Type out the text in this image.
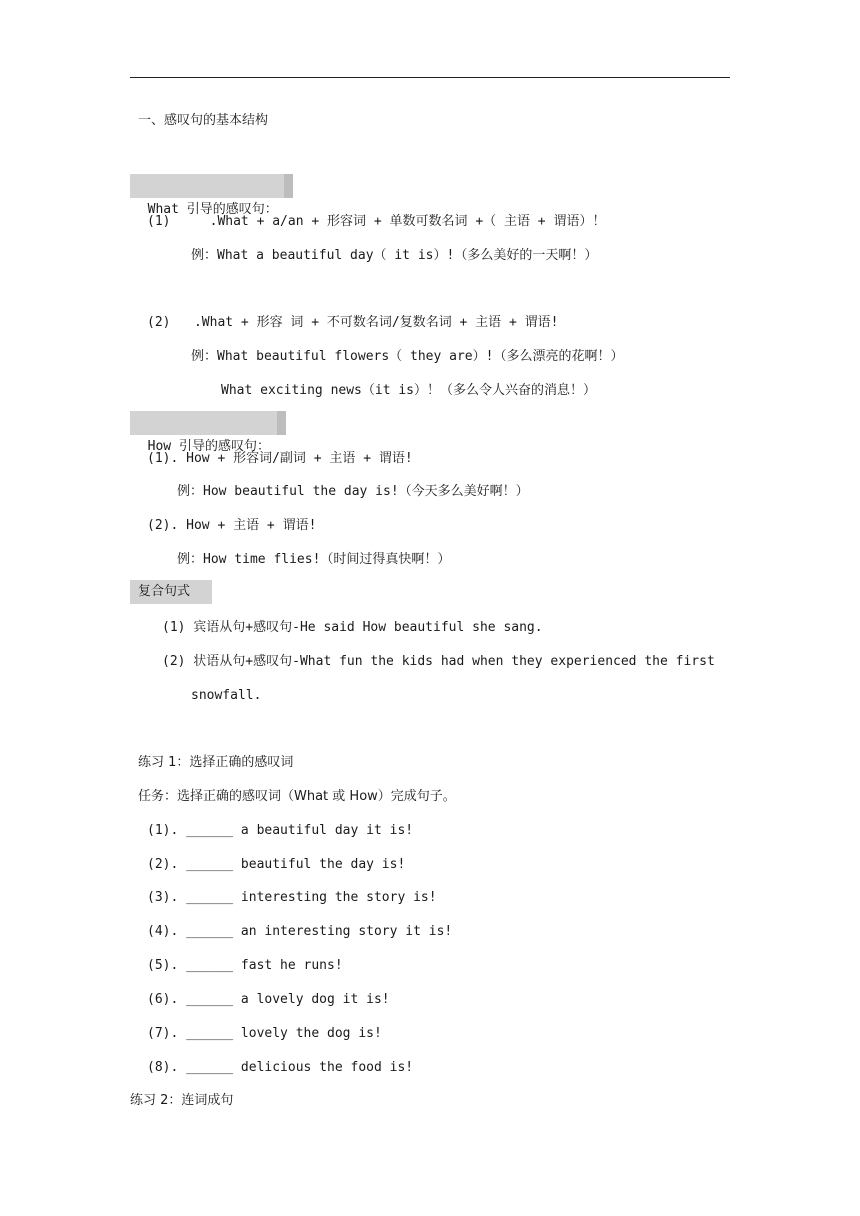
一、感叹句的基本结构

What 引导的感叹句：

(1)     .What + a/an + 形容词 + 单数可数名词 +（ 主语 + 谓语）！
例：What a beautiful day（ it is）!（多么美好的一天啊！）
(2)   .What + 形容 词 + 不可数名词/复数名词 + 主语 + 谓语!
例：What beautiful flowers（ they are）!（多么漂亮的花啊！）
What exciting news（it is）！（多么令人兴奋的消息！）

How 引导的感叹句：

(1). How + 形容词/副词 + 主语 + 谓语!
例：How beautiful the day is!（今天多么美好啊！）
(2). How + 主语 + 谓语!
例：How time flies!（时间过得真快啊！）
复合句式
(1) 宾语从句+感叹句-He said How beautiful she sang.
(2) 状语从句+感叹句-What fun the kids had when they experienced the first
snowfall.
练习 1：选择正确的感叹词
任务：选择正确的感叹词（What 或 How）完成句子。
(1). ______ a beautiful day it is!
(2). ______ beautiful the day is!
(3). ______ interesting the story is!
(4). ______ an interesting story it is!
(5). ______ fast he runs!
(6). ______ a lovely dog it is!
(7). ______ lovely the dog is!
(8). ______ delicious the food is!
练习 2：连词成句
